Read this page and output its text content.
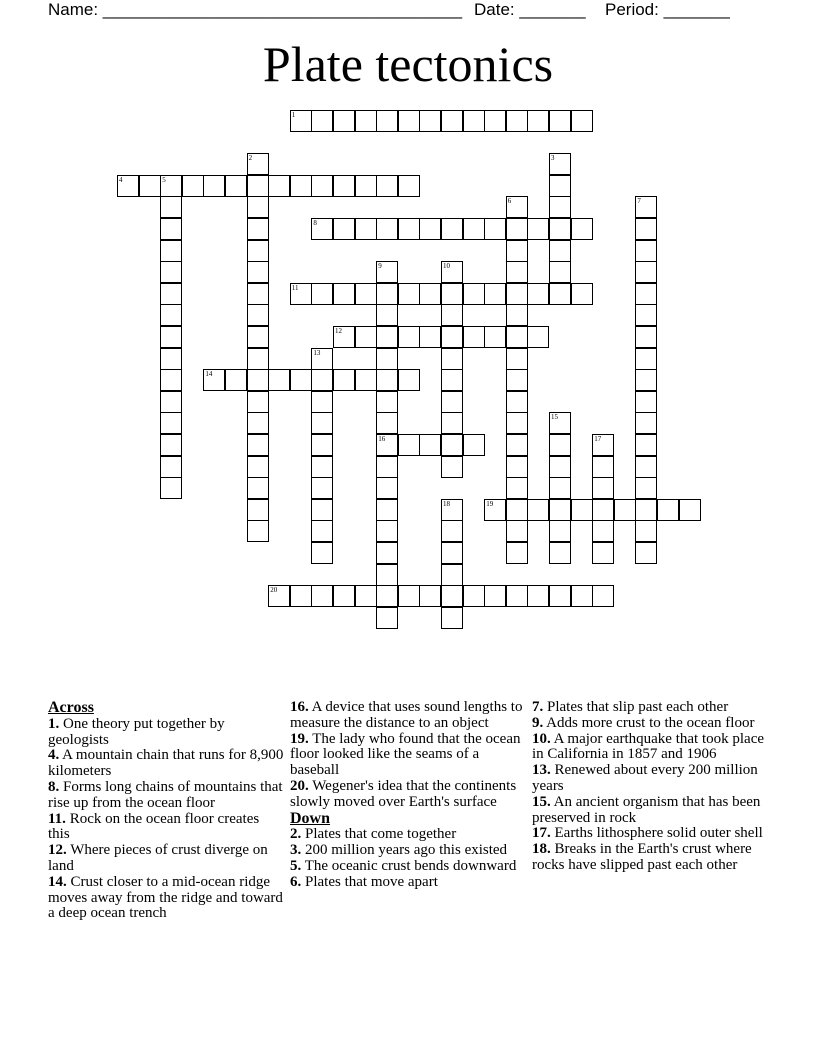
Name: ______________________________________ Date: _______ Period: _______
Plate tectonics
1
2	3
4	5
6	7
8
9	10
11
12
13
14
15
16	17
18	19
20
Across
1. One theory put together by geologists
4. A mountain chain that runs for 8,900 kilometers
8. Forms long chains of mountains that rise up from the ocean floor
11. Rock on the ocean floor creates this
12. Where pieces of crust diverge on land
14. Crust closer to a mid-ocean ridge moves away from the ridge and toward a deep ocean trench
16. A device that uses sound lengths to measure the distance to an object
19. The lady who found that the ocean floor looked like the seams of a baseball
20. Wegener's idea that the continents slowly moved over Earth's surface
Down
2. Plates that come together
3. 200 million years ago this existed
5. The oceanic crust bends downward
6. Plates that move apart
7. Plates that slip past each other
9. Adds more crust to the ocean floor
10. A major earthquake that took place in California in 1857 and 1906
13. Renewed about every 200 million years
15. An ancient organism that has been preserved in rock
17. Earths lithosphere solid outer shell
18. Breaks in the Earth's crust where rocks have slipped past each other
